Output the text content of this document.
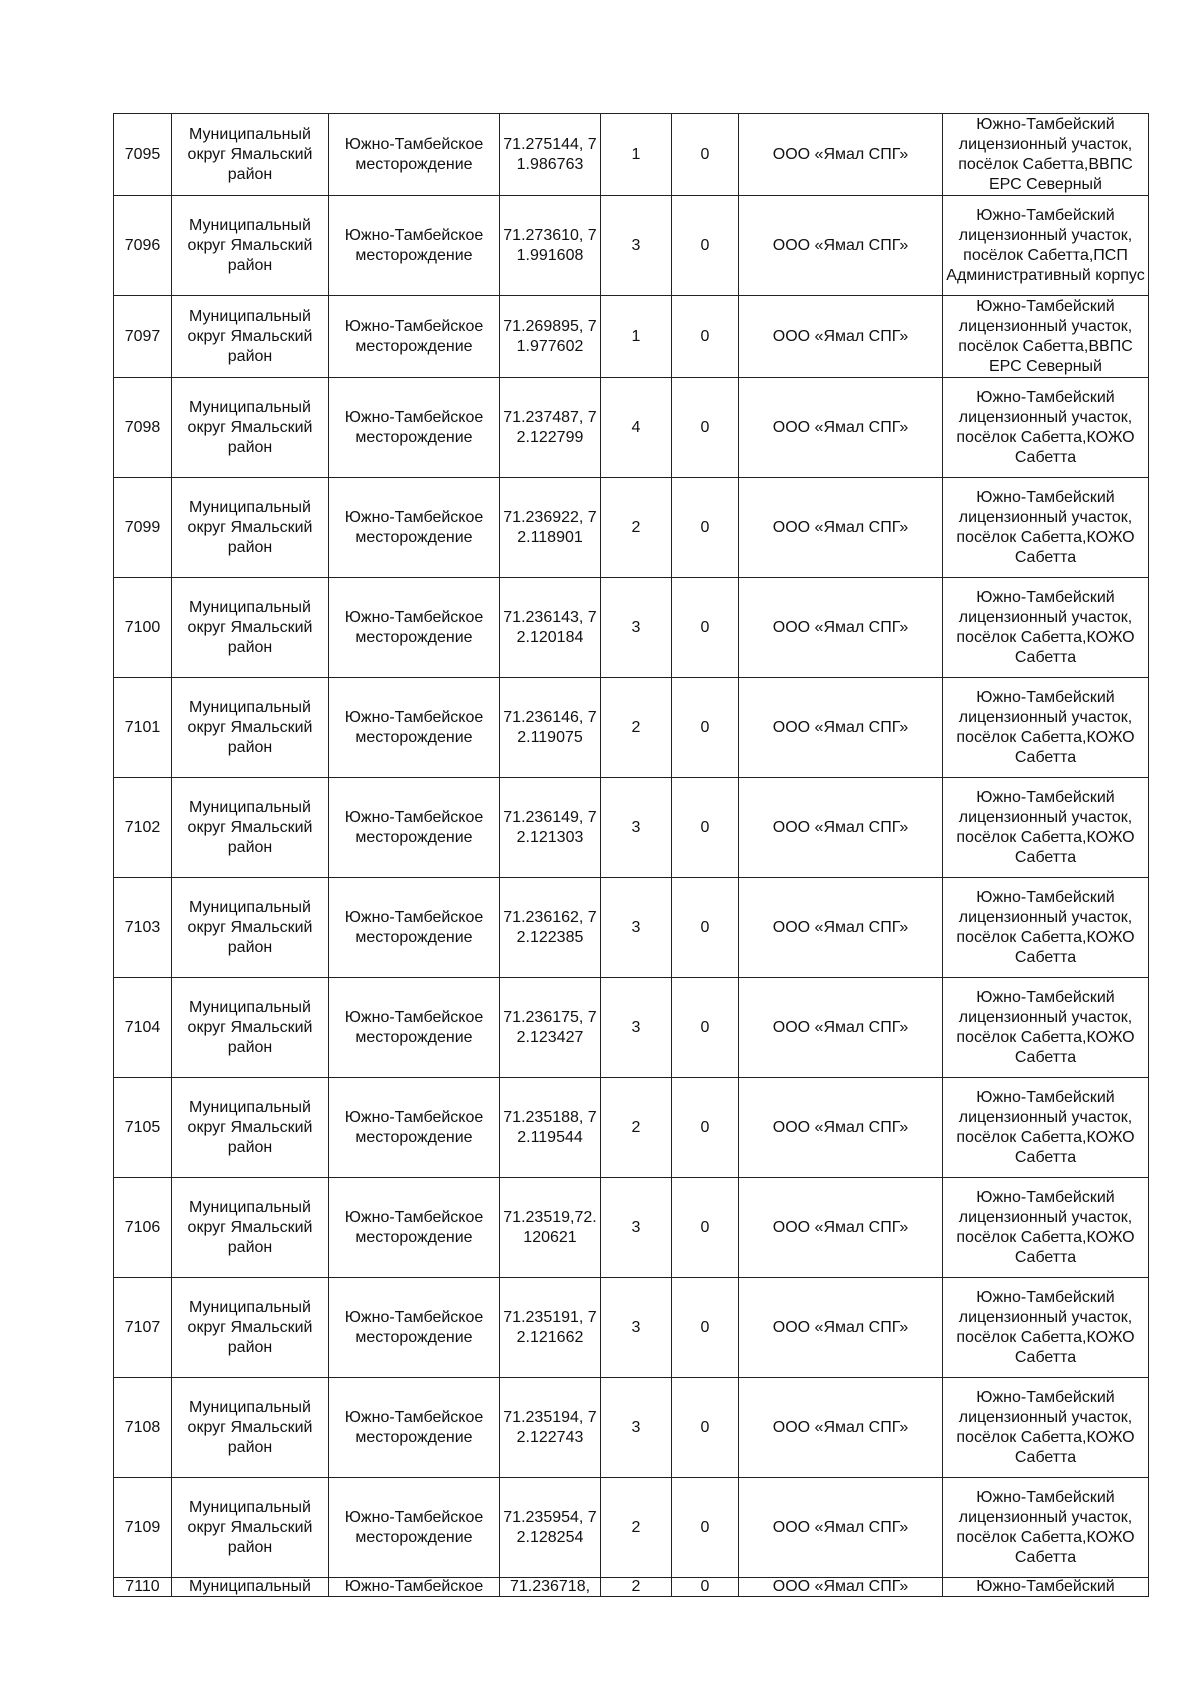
7095	Муниципальный округ Ямальский район	Южно-Тамбейское месторождение	71.275144, 71.986763	1	0	ООО «Ямал СПГ»	Южно-Тамбейский лицензионный участок, посёлок Сабетта,ВВПС ЕРС Северный
7096	Муниципальный округ Ямальский район	Южно-Тамбейское месторождение	71.273610, 71.991608	3	0	ООО «Ямал СПГ»	Южно-Тамбейский лицензионный участок, посёлок Сабетта,ПСП Административный корпус
7097	Муниципальный округ Ямальский район	Южно-Тамбейское месторождение	71.269895, 71.977602	1	0	ООО «Ямал СПГ»	Южно-Тамбейский лицензионный участок, посёлок Сабетта,ВВПС ЕРС Северный
7098	Муниципальный округ Ямальский район	Южно-Тамбейское месторождение	71.237487, 72.122799	4	0	ООО «Ямал СПГ»	Южно-Тамбейский лицензионный участок, посёлок Сабетта,КОЖО Сабетта
7099	Муниципальный округ Ямальский район	Южно-Тамбейское месторождение	71.236922, 72.118901	2	0	ООО «Ямал СПГ»	Южно-Тамбейский лицензионный участок, посёлок Сабетта,КОЖО Сабетта
7100	Муниципальный округ Ямальский район	Южно-Тамбейское месторождение	71.236143, 72.120184	3	0	ООО «Ямал СПГ»	Южно-Тамбейский лицензионный участок, посёлок Сабетта,КОЖО Сабетта
7101	Муниципальный округ Ямальский район	Южно-Тамбейское месторождение	71.236146, 72.119075	2	0	ООО «Ямал СПГ»	Южно-Тамбейский лицензионный участок, посёлок Сабетта,КОЖО Сабетта
7102	Муниципальный округ Ямальский район	Южно-Тамбейское месторождение	71.236149, 72.121303	3	0	ООО «Ямал СПГ»	Южно-Тамбейский лицензионный участок, посёлок Сабетта,КОЖО Сабетта
7103	Муниципальный округ Ямальский район	Южно-Тамбейское месторождение	71.236162, 72.122385	3	0	ООО «Ямал СПГ»	Южно-Тамбейский лицензионный участок, посёлок Сабетта,КОЖО Сабетта
7104	Муниципальный округ Ямальский район	Южно-Тамбейское месторождение	71.236175, 72.123427	3	0	ООО «Ямал СПГ»	Южно-Тамбейский лицензионный участок, посёлок Сабетта,КОЖО Сабетта
7105	Муниципальный округ Ямальский район	Южно-Тамбейское месторождение	71.235188, 72.119544	2	0	ООО «Ямал СПГ»	Южно-Тамбейский лицензионный участок, посёлок Сабетта,КОЖО Сабетта
7106	Муниципальный округ Ямальский район	Южно-Тамбейское месторождение	71.23519,72.120621	3	0	ООО «Ямал СПГ»	Южно-Тамбейский лицензионный участок, посёлок Сабетта,КОЖО Сабетта
7107	Муниципальный округ Ямальский район	Южно-Тамбейское месторождение	71.235191, 72.121662	3	0	ООО «Ямал СПГ»	Южно-Тамбейский лицензионный участок, посёлок Сабетта,КОЖО Сабетта
7108	Муниципальный округ Ямальский район	Южно-Тамбейское месторождение	71.235194, 72.122743	3	0	ООО «Ямал СПГ»	Южно-Тамбейский лицензионный участок, посёлок Сабетта,КОЖО Сабетта
7109	Муниципальный округ Ямальский район	Южно-Тамбейское месторождение	71.235954, 72.128254	2	0	ООО «Ямал СПГ»	Южно-Тамбейский лицензионный участок, посёлок Сабетта,КОЖО Сабетта
7110	Муниципальный	Южно-Тамбейское	71.236718,	2	0	ООО «Ямал СПГ»	Южно-Тамбейский
